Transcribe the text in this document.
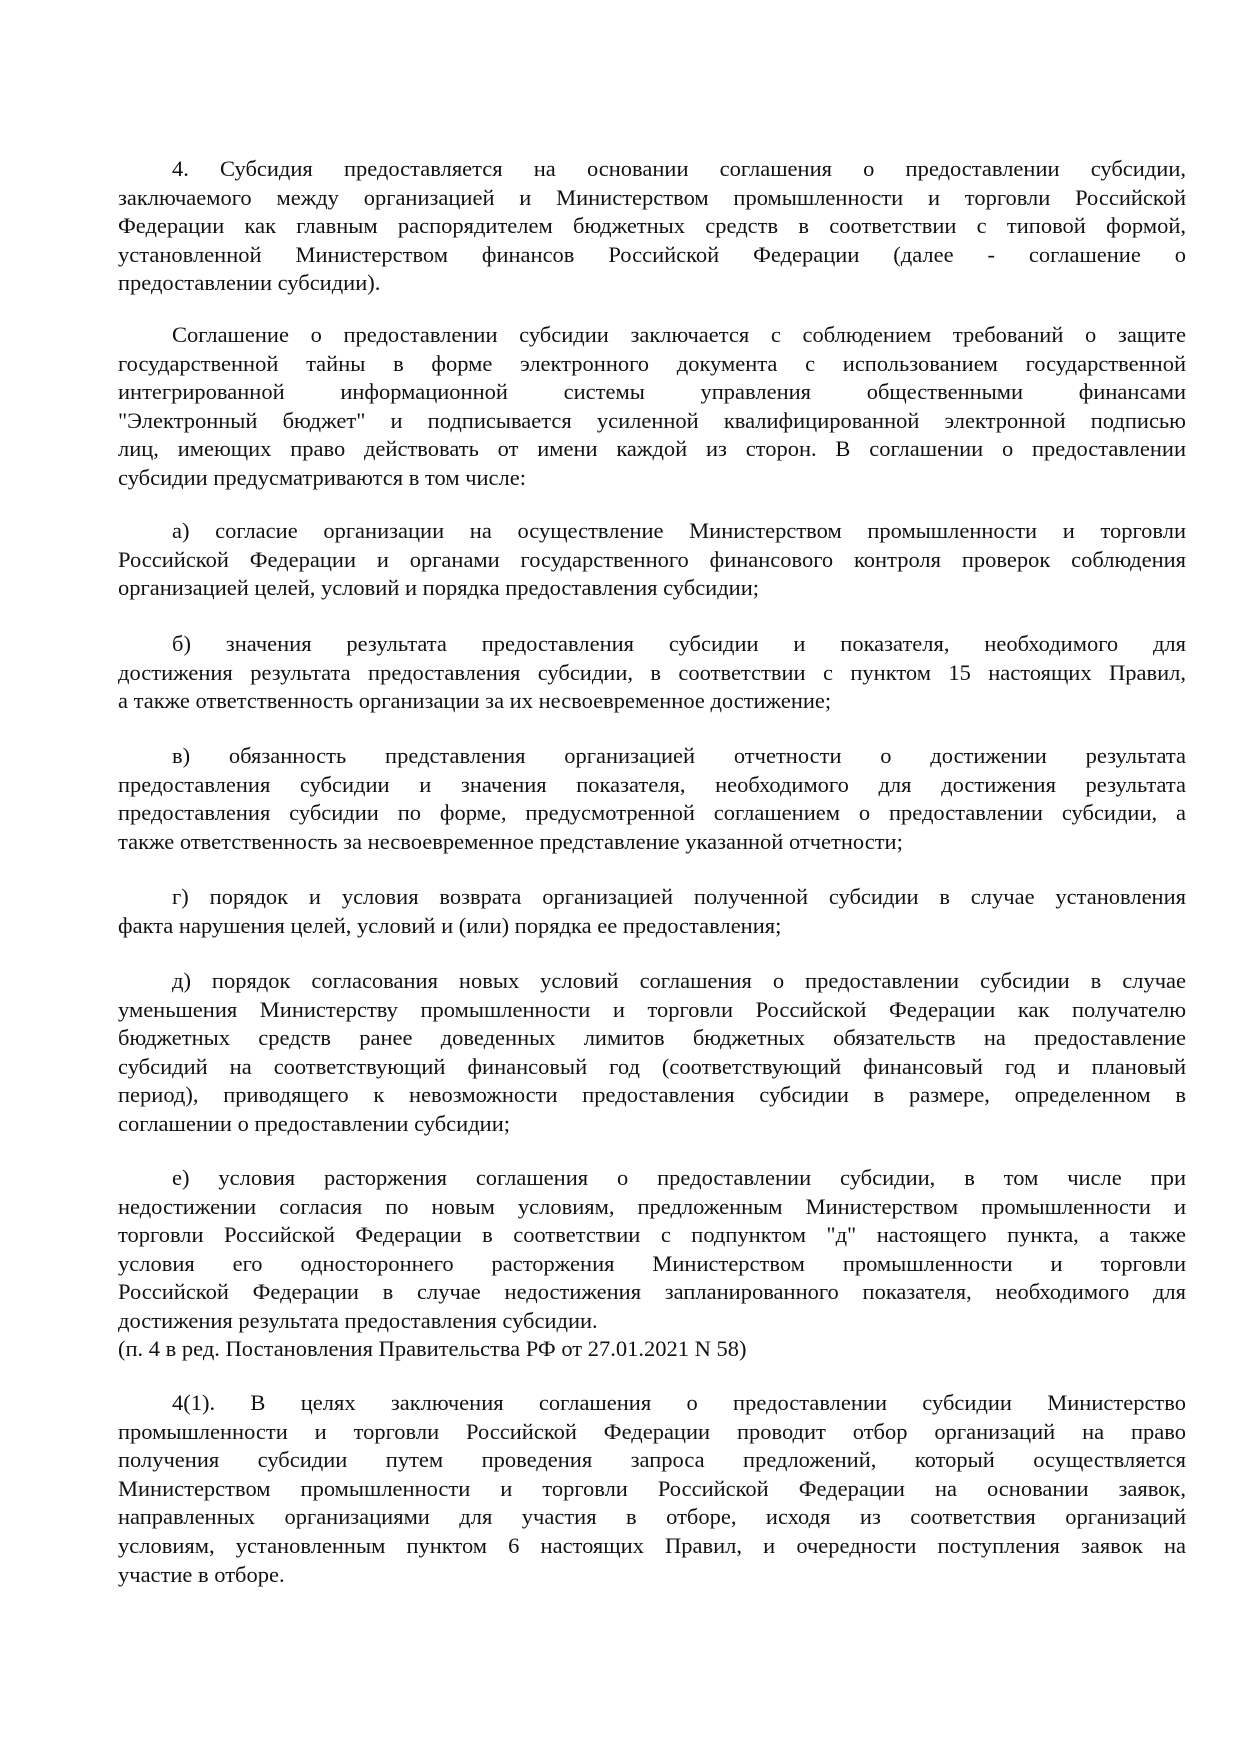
4. Субсидия предоставляется на основании соглашения о предоставлении субсидии,
заключаемого между организацией и Министерством промышленности и торговли Российской
Федерации как главным распорядителем бюджетных средств в соответствии с типовой формой,
установленной Министерством финансов Российской Федерации (далее - соглашение о
предоставлении субсидии).
Соглашение о предоставлении субсидии заключается с соблюдением требований о защите
государственной тайны в форме электронного документа с использованием государственной
интегрированной информационной системы управления общественными финансами
"Электронный бюджет" и подписывается усиленной квалифицированной электронной подписью
лиц, имеющих право действовать от имени каждой из сторон. В соглашении о предоставлении
субсидии предусматриваются в том числе:
а) согласие организации на осуществление Министерством промышленности и торговли
Российской Федерации и органами государственного финансового контроля проверок соблюдения
организацией целей, условий и порядка предоставления субсидии;
б) значения результата предоставления субсидии и показателя, необходимого для
достижения результата предоставления субсидии, в соответствии с пунктом 15 настоящих Правил,
а также ответственность организации за их несвоевременное достижение;
в) обязанность представления организацией отчетности о достижении результата
предоставления субсидии и значения показателя, необходимого для достижения результата
предоставления субсидии по форме, предусмотренной соглашением о предоставлении субсидии, а
также ответственность за несвоевременное представление указанной отчетности;
г) порядок и условия возврата организацией полученной субсидии в случае установления
факта нарушения целей, условий и (или) порядка ее предоставления;
д) порядок согласования новых условий соглашения о предоставлении субсидии в случае
уменьшения Министерству промышленности и торговли Российской Федерации как получателю
бюджетных средств ранее доведенных лимитов бюджетных обязательств на предоставление
субсидий на соответствующий финансовый год (соответствующий финансовый год и плановый
период), приводящего к невозможности предоставления субсидии в размере, определенном в
соглашении о предоставлении субсидии;
е) условия расторжения соглашения о предоставлении субсидии, в том числе при
недостижении согласия по новым условиям, предложенным Министерством промышленности и
торговли Российской Федерации в соответствии с подпунктом "д" настоящего пункта, а также
условия его одностороннего расторжения Министерством промышленности и торговли
Российской Федерации в случае недостижения запланированного показателя, необходимого для
достижения результата предоставления субсидии.
(п. 4 в ред. Постановления Правительства РФ от 27.01.2021 N 58)
4(1). В целях заключения соглашения о предоставлении субсидии Министерство
промышленности и торговли Российской Федерации проводит отбор организаций на право
получения субсидии путем проведения запроса предложений, который осуществляется
Министерством промышленности и торговли Российской Федерации на основании заявок,
направленных организациями для участия в отборе, исходя из соответствия организаций
условиям, установленным пунктом 6 настоящих Правил, и очередности поступления заявок на
участие в отборе.
